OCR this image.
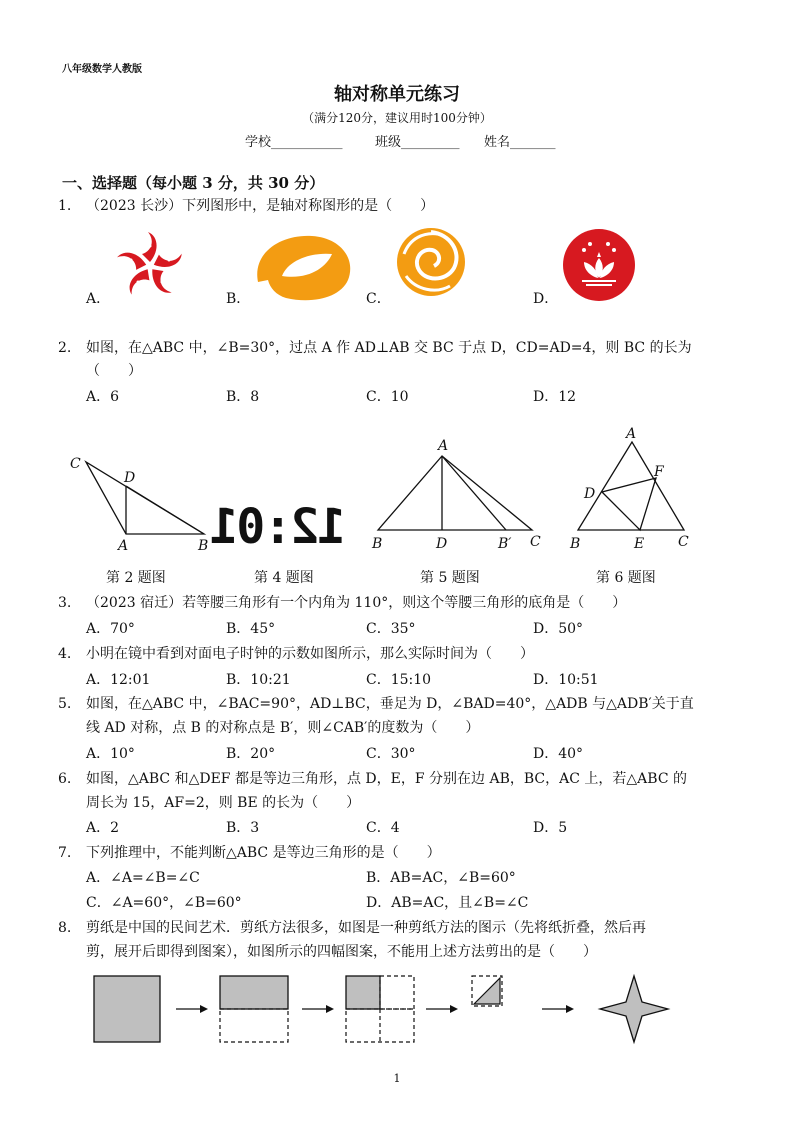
八年级数学人教版
轴对称单元练习
（满分120分，建议用时100分钟）
学校___________ 班级_________ 姓名_______
一、选择题（每小题 3 分，共 30 分）
1. （2023 长沙）下列图形中，是轴对称图形的是（　　）
A．	B．	C．	D．
2. 如图，在△ABC 中，∠B=30°，过点 A 作 AD⊥AB 交 BC 于点 D，CD=AD=4，则 BC 的长为
（　　）
A．6	B．8	C．10	D．12
C
D
A	B 12:01
A
B	D	B′ C
A
F
D
B	E C
第 2 题图	第 4 题图	第 5 题图	第 6 题图
3. （2023 宿迁）若等腰三角形有一个内角为 110°，则这个等腰三角形的底角是（　　）
A．70°	B．45°	C．35°	D．50°
4. 小明在镜中看到对面电子时钟的示数如图所示，那么实际时间为（　　）
A．12:01	B．10:21	C．15:10	D．10:51
5. 如图，在△ABC 中，∠BAC=90°，AD⊥BC，垂足为 D，∠BAD=40°，△ADB 与△ADB′关于直
线 AD 对称，点 B 的对称点是 B′，则∠CAB′的度数为（　　）
A．10°	B．20°	C．30°	D．40°
6. 如图，△ABC 和△DEF 都是等边三角形，点 D，E，F 分别在边 AB，BC，AC 上，若△ABC 的
周长为 15，AF=2，则 BE 的长为（　　）
A．2	B．3	C．4	D．5
7. 下列推理中，不能判断△ABC 是等边三角形的是（　　）
A．∠A=∠B=∠C	B．AB=AC，∠B=60°
C．∠A=60°，∠B=60°	D．AB=AC，且∠B=∠C
8. 剪纸是中国的民间艺术．剪纸方法很多，如图是一种剪纸方法的图示（先将纸折叠，然后再
剪，展开后即得到图案），如图所示的四幅图案，不能用上述方法剪出的是（　　）
1
